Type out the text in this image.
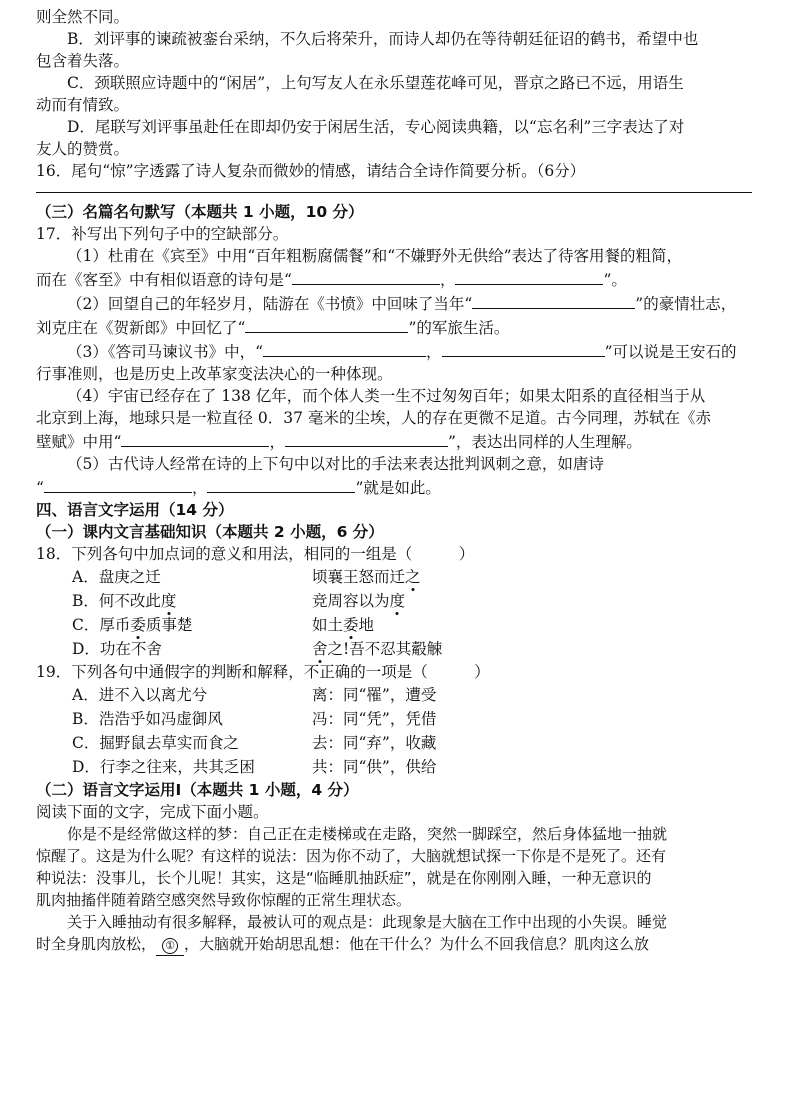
则全然不同。
B．刘评事的谏疏被銮台采纳，不久后将荣升，而诗人却仍在等待朝廷征诏的鹤书，希望中也
包含着失落。
C．颈联照应诗题中的“闲居”，上句写友人在永乐望莲花峰可见，晋京之路已不远，用语生
动而有情致。
D．尾联写刘评事虽赴任在即却仍安于闲居生活，专心阅读典籍，以“忘名利”三字表达了对
友人的赞赏。
16．尾句“惊”字透露了诗人复杂而微妙的情感，请结合全诗作简要分析。（6分）
（三）名篇名句默写（本题共 1 小题，10 分）
17．补写出下列句子中的空缺部分。
（1）杜甫在《宾至》中用“百年粗粝腐儒餐”和“不嫌野外无供给”表达了待客用餐的粗简，
而在《客至》中有相似语意的诗句是“	，	”。
（2）回望自己的年轻岁月，陆游在《书愤》中回味了当年“	”的豪情壮志，
刘克庄在《贺新郎》中回忆了“	”的军旅生活。
（3）《答司马谏议书》中，“	，	”可以说是王安石的
行事准则，也是历史上改革家变法决心的一种体现。
（4）宇宙已经存在了 138 亿年，而个体人类一生不过匆匆百年；如果太阳系的直径相当于从
北京到上海，地球只是一粒直径 0．37 毫米的尘埃，人的存在更微不足道。古今同理，苏轼在《赤
壁赋》中用“	，	”，表达出同样的人生理解。
（5）古代诗人经常在诗的上下句中以对比的手法来表达批判讽刺之意，如唐诗
“	，	”就是如此。
四、语言文字运用（14 分）
（一）课内文言基础知识（本题共 2 小题，6 分）
18．下列各句中加点词的意义和用法，相同的一组是（　　　）
A．盘庚之迁	顷襄王怒而迁之
B．何不改此度	竞周容以为度
C．厚币委质事楚	如土委地
D．功在不舍	舍之!吾不忍其觳觫
19．下列各句中通假字的判断和解释，不正确的一项是（　　　）
A．进不入以离尤兮	离：同“罹”，遭受
B．浩浩乎如冯虚御风	冯：同“凭”，凭借
C．掘野鼠去草实而食之	去：同“弃”，收藏
D．行李之往来，共其乏困	共：同“供”，供给
（二）语言文字运用Ⅰ（本题共 1 小题，4 分）
阅读下面的文字，完成下面小题。
你是不是经常做这样的梦：自己正在走楼梯或在走路，突然一脚踩空，然后身体猛地一抽就
惊醒了。这是为什么呢？有这样的说法：因为你不动了，大脑就想试探一下你是不是死了。还有
种说法：没事儿，长个儿呢！其实，这是“临睡肌抽跃症”，就是在你刚刚入睡，一种无意识的
肌肉抽搐伴随着踏空感突然导致你惊醒的正常生理状态。
关于入睡抽动有很多解释，最被认可的观点是：此现象是大脑在工作中出现的小失误。睡觉
时全身肌肉放松， ① ，大脑就开始胡思乱想：他在干什么？为什么不回我信息？肌肉这么放
